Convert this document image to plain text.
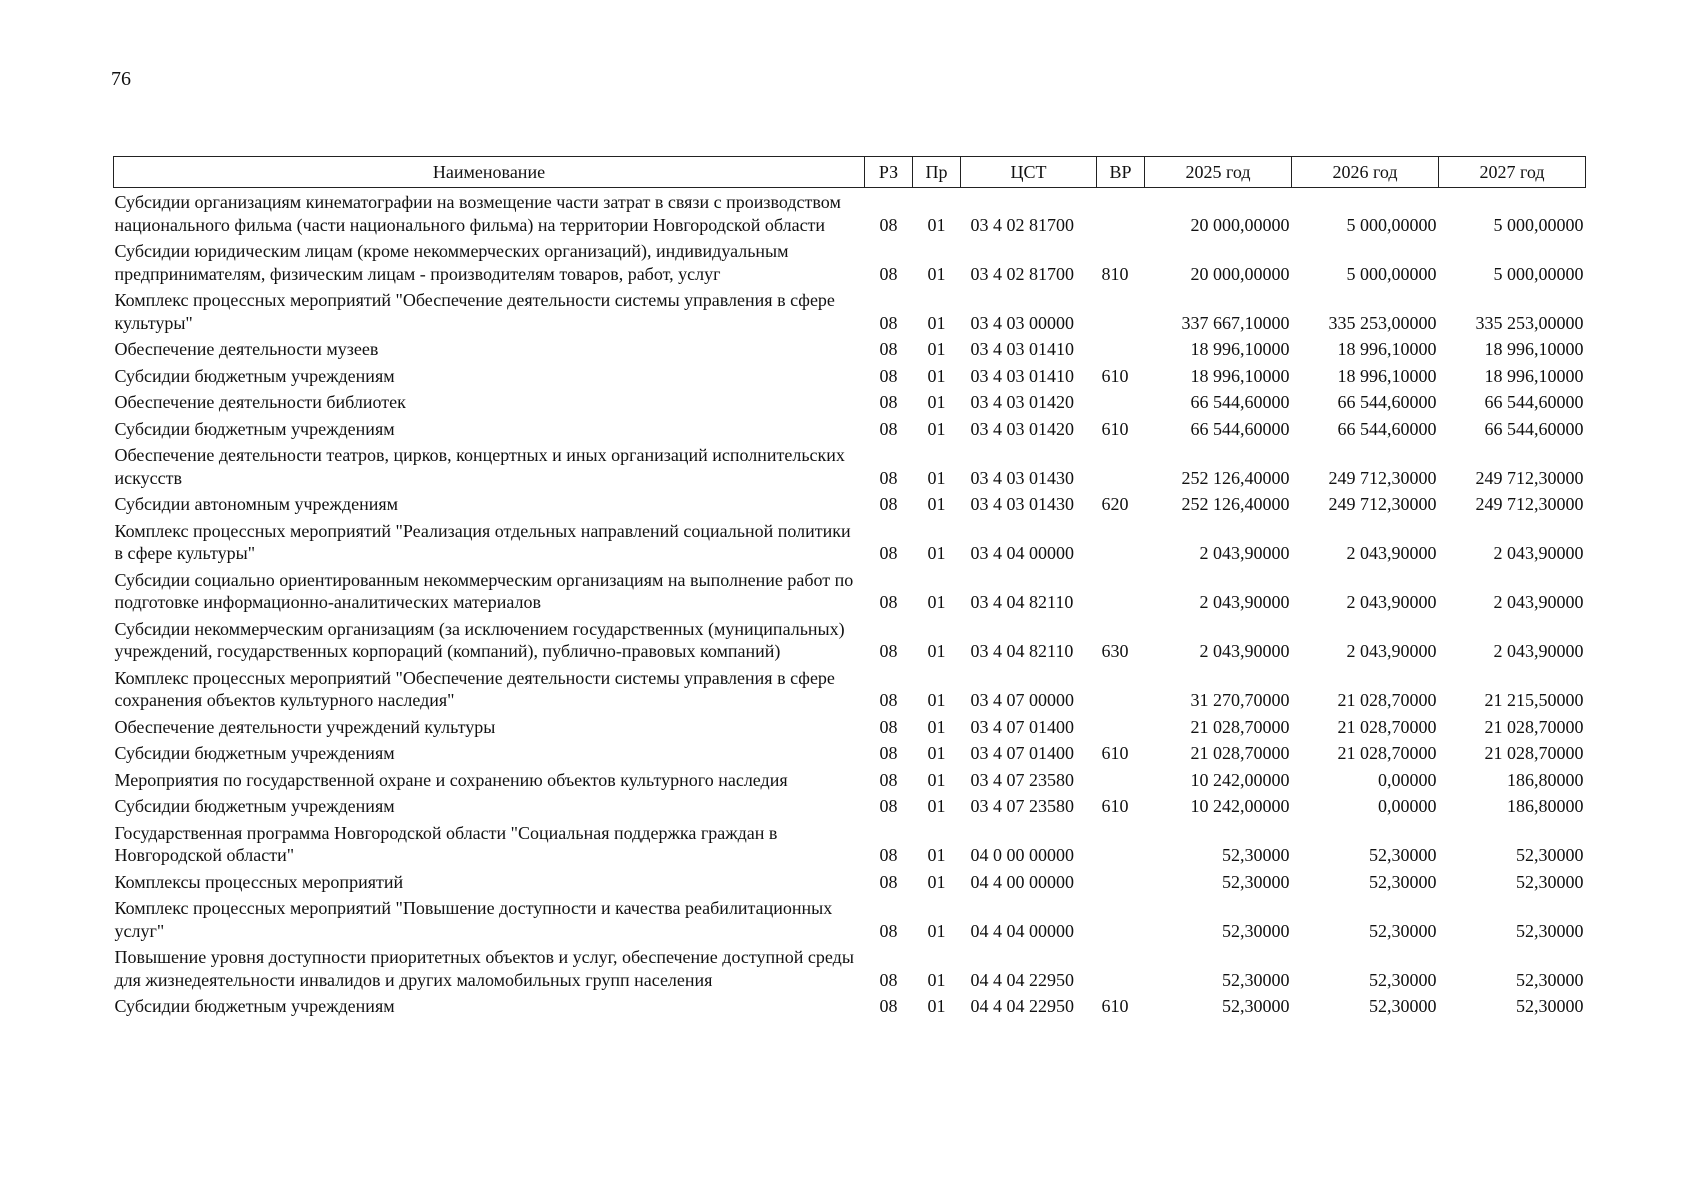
76
Наименование	РЗ	Пр	ЦСТ	ВР	2025 год	2026 год	2027 год
Субсидии организациям кинематографии на возмещение части затрат в связи с производством национального фильма (части национального фильма) на территории Новгородской области	08	01	03 4 02 81700		20 000,00000	5 000,00000	5 000,00000
Субсидии юридическим лицам (кроме некоммерческих организаций), индивидуальным предпринимателям, физическим лицам - производителям товаров, работ, услуг	08	01	03 4 02 81700	810	20 000,00000	5 000,00000	5 000,00000
Комплекс процессных мероприятий "Обеспечение деятельности системы управления в сфере культуры"	08	01	03 4 03 00000		337 667,10000	335 253,00000	335 253,00000
Обеспечение деятельности музеев	08	01	03 4 03 01410		18 996,10000	18 996,10000	18 996,10000
Субсидии бюджетным учреждениям	08	01	03 4 03 01410	610	18 996,10000	18 996,10000	18 996,10000
Обеспечение деятельности библиотек	08	01	03 4 03 01420		66 544,60000	66 544,60000	66 544,60000
Субсидии бюджетным учреждениям	08	01	03 4 03 01420	610	66 544,60000	66 544,60000	66 544,60000
Обеспечение деятельности театров, цирков, концертных и иных организаций исполнительских искусств	08	01	03 4 03 01430		252 126,40000	249 712,30000	249 712,30000
Субсидии автономным учреждениям	08	01	03 4 03 01430	620	252 126,40000	249 712,30000	249 712,30000
Комплекс процессных мероприятий "Реализация отдельных направлений социальной политики в сфере культуры"	08	01	03 4 04 00000		2 043,90000	2 043,90000	2 043,90000
Субсидии социально ориентированным некоммерческим организациям на выполнение работ по подготовке информационно-аналитических материалов	08	01	03 4 04 82110		2 043,90000	2 043,90000	2 043,90000
Субсидии некоммерческим организациям (за исключением государственных (муниципальных) учреждений, государственных корпораций (компаний), публично-правовых компаний)	08	01	03 4 04 82110	630	2 043,90000	2 043,90000	2 043,90000
Комплекс процессных мероприятий "Обеспечение деятельности системы управления в сфере сохранения объектов культурного наследия"	08	01	03 4 07 00000		31 270,70000	21 028,70000	21 215,50000
Обеспечение деятельности учреждений культуры	08	01	03 4 07 01400		21 028,70000	21 028,70000	21 028,70000
Субсидии бюджетным учреждениям	08	01	03 4 07 01400	610	21 028,70000	21 028,70000	21 028,70000
Мероприятия по государственной охране и сохранению объектов культурного наследия	08	01	03 4 07 23580		10 242,00000	0,00000	186,80000
Субсидии бюджетным учреждениям	08	01	03 4 07 23580	610	10 242,00000	0,00000	186,80000
Государственная программа Новгородской области "Социальная поддержка граждан в Новгородской области"	08	01	04 0 00 00000		52,30000	52,30000	52,30000
Комплексы процессных мероприятий	08	01	04 4 00 00000		52,30000	52,30000	52,30000
Комплекс процессных мероприятий "Повышение доступности и качества реабилитационных услуг"	08	01	04 4 04 00000		52,30000	52,30000	52,30000
Повышение уровня доступности приоритетных объектов и услуг, обеспечение доступной среды для жизнедеятельности инвалидов и других маломобильных групп населения	08	01	04 4 04 22950		52,30000	52,30000	52,30000
Субсидии бюджетным учреждениям	08	01	04 4 04 22950	610	52,30000	52,30000	52,30000
